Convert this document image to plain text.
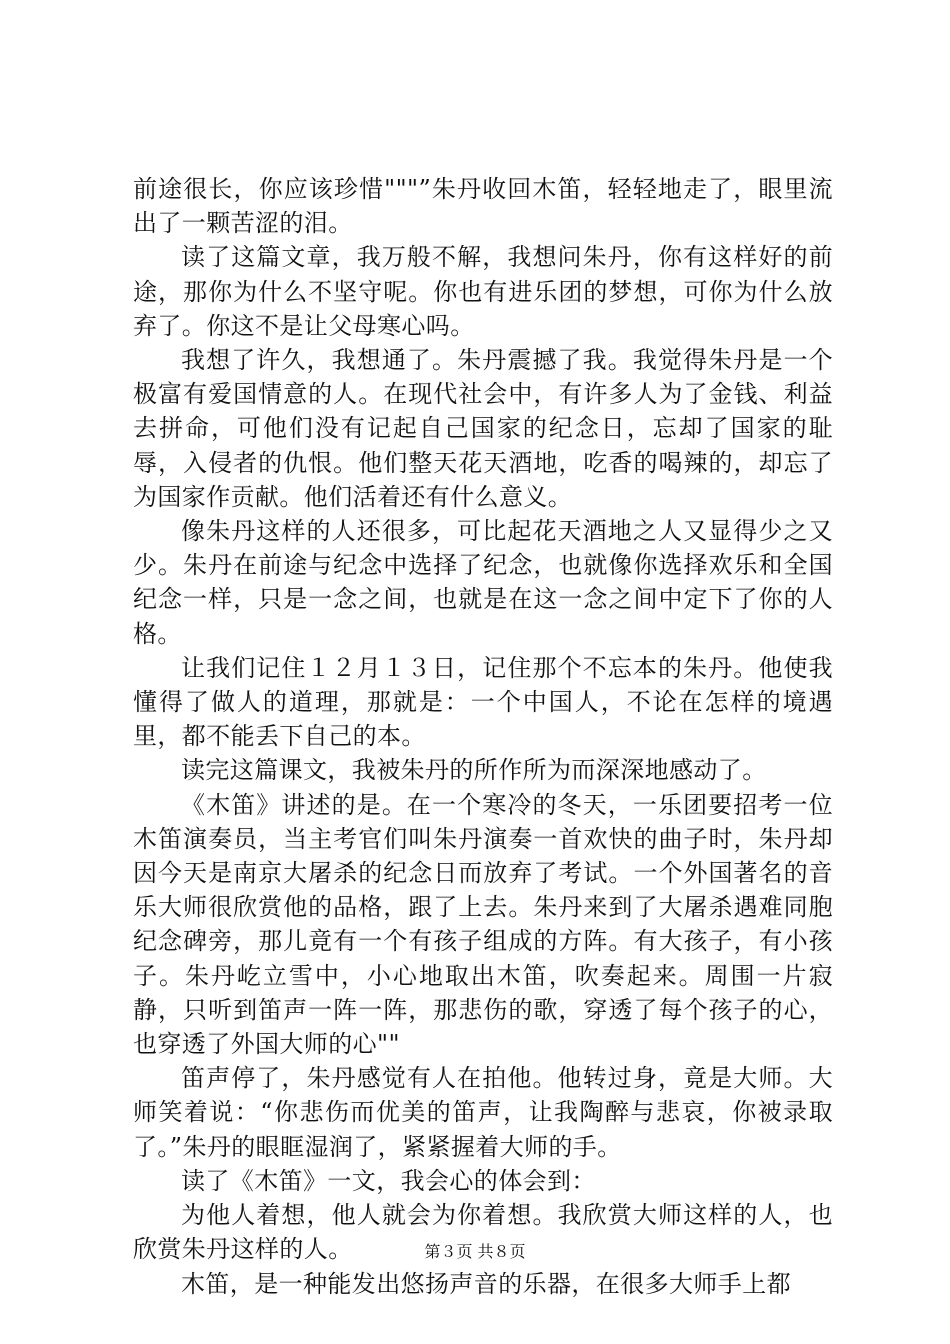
前途很长，你应该珍惜"""”朱丹收回木笛，轻轻地走了，眼里流出了一颗苦涩的泪。

读了这篇文章，我万般不解，我想问朱丹，你有这样好的前途，那你为什么不坚守呢。你也有进乐团的梦想，可你为什么放弃了。你这不是让父母寒心吗。

我想了许久，我想通了。朱丹震撼了我。我觉得朱丹是一个极富有爱国情意的人。在现代社会中，有许多人为了金钱、利益去拼命，可他们没有记起自己国家的纪念日，忘却了国家的耻辱，入侵者的仇恨。他们整天花天酒地，吃香的喝辣的，却忘了为国家作贡献。他们活着还有什么意义。

像朱丹这样的人还很多，可比起花天酒地之人又显得少之又少。朱丹在前途与纪念中选择了纪念，也就像你选择欢乐和全国纪念一样，只是一念之间，也就是在这一念之间中定下了你的人格。

让我们记住１２月１３日，记住那个不忘本的朱丹。他使我懂得了做人的道理，那就是：一个中国人，不论在怎样的境遇里，都不能丢下自己的本。

读完这篇课文，我被朱丹的所作所为而深深地感动了。

《木笛》讲述的是。在一个寒冷的冬天，一乐团要招考一位木笛演奏员，当主考官们叫朱丹演奏一首欢快的曲子时，朱丹却因今天是南京大屠杀的纪念日而放弃了考试。一个外国著名的音乐大师很欣赏他的品格，跟了上去。朱丹来到了大屠杀遇难同胞纪念碑旁，那儿竟有一个有孩子组成的方阵。有大孩子，有小孩子。朱丹屹立雪中，小心地取出木笛，吹奏起来。周围一片寂静，只听到笛声一阵一阵，那悲伤的歌，穿透了每个孩子的心，也穿透了外国大师的心""

笛声停了，朱丹感觉有人在拍他。他转过身，竟是大师。大师笑着说：“你悲伤而优美的笛声，让我陶醉与悲哀，你被录取了。”朱丹的眼眶湿润了，紧紧握着大师的手。

读了《木笛》一文，我会心的体会到：

为他人着想，他人就会为你着想。我欣赏大师这样的人，也欣赏朱丹这样的人。

木笛，是一种能发出悠扬声音的乐器，在很多大师手上都

第３页 共８页
